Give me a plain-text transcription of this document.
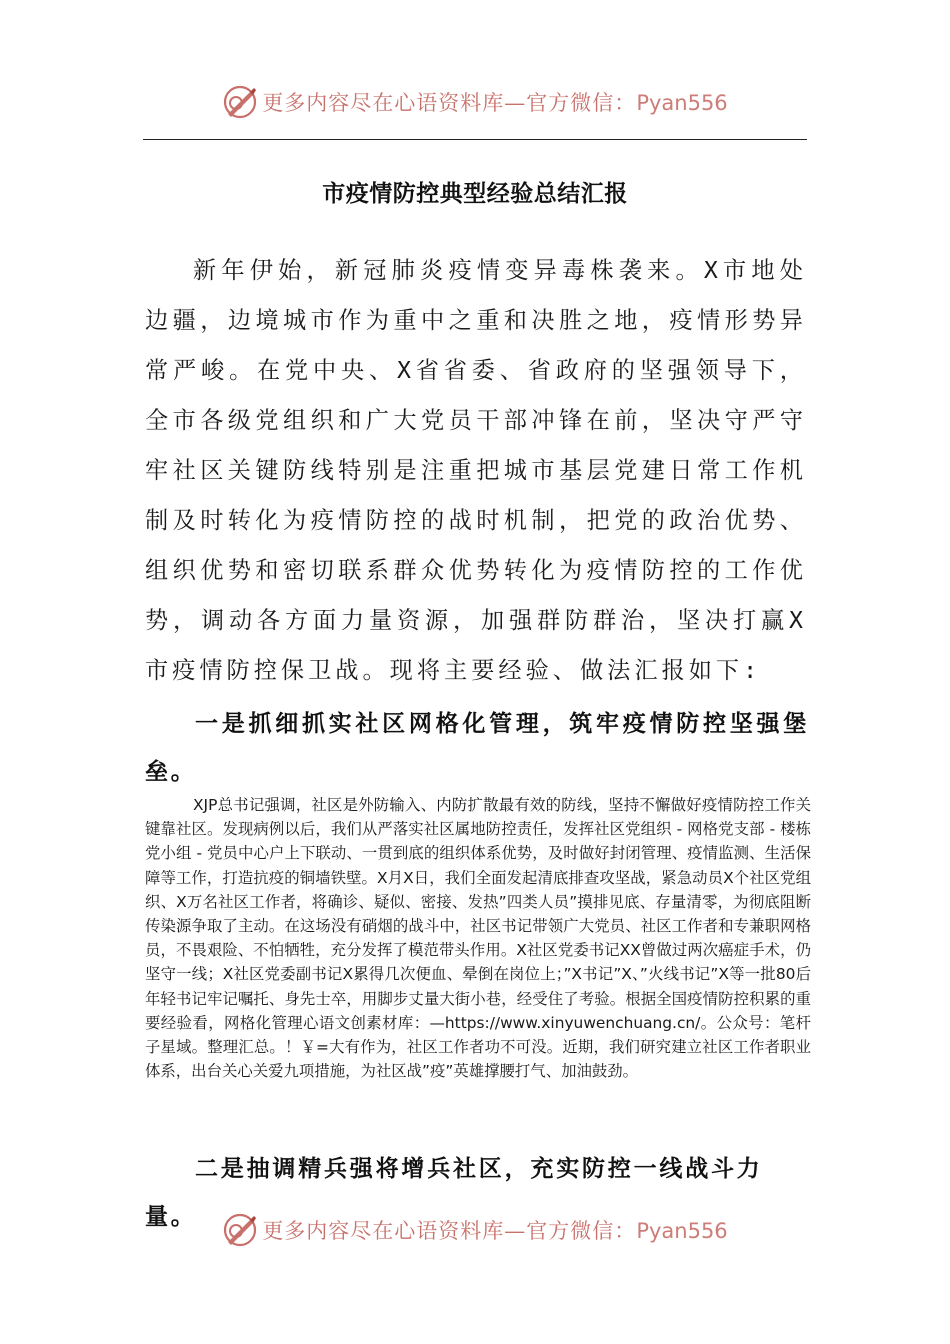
更多内容尽在心语资料库—官方微信：Pyan556
市疫情防控典型经验总结汇报

新年伊始，新冠肺炎疫情变异毒株袭来。X市地处边疆，边境城市作为重中之重和决胜之地，疫情形势异常严峻。在党中央、X省省委、省政府的坚强领导下，全市各级党组织和广大党员干部冲锋在前，坚决守严守牢社区关键防线特别是注重把城市基层党建日常工作机制及时转化为疫情防控的战时机制，把党的政治优势、组织优势和密切联系群众优势转化为疫情防控的工作优势，调动各方面力量资源，加强群防群治，坚决打赢X市疫情防控保卫战。现将主要经验、做法汇报如下:

一是抓细抓实社区网格化管理，筑牢疫情防控坚强堡垒。

XJP总书记强调，社区是外防输入、内防扩散最有效的防线，坚持不懈做好疫情防控工作关键靠社区。发现病例以后，我们从严落实社区属地防控责任，发挥社区党组织 - 网格党支部 - 楼栋党小组 - 党员中心户上下联动、一贯到底的组织体系优势，及时做好封闭管理、疫情监测、生活保障等工作，打造抗疫的铜墙铁壁。X月X日，我们全面发起清底排查攻坚战，紧急动员X个社区党组织、X万名社区工作者，将确诊、疑似、密接、发热”四类人员”摸排见底、存量清零，为彻底阻断传染源争取了主动。在这场没有硝烟的战斗中，社区书记带领广大党员、社区工作者和专兼职网格员，不畏艰险、不怕牺牲，充分发挥了模范带头作用。X社区党委书记XX曾做过两次癌症手术，仍坚守一线；X社区党委副书记X累得几次便血、晕倒在岗位上；”X书记”X、”火线书记”X等一批80后年轻书记牢记嘱托、身先士卒，用脚步丈量大街小巷，经受住了考验。根据全国疫情防控积累的重要经验看，网格化管理心语文创素材库：—https://www.xinyuwenchuang.cn/。公众号：笔杆子星域。整理汇总。！￥=大有作为，社区工作者功不可没。近期，我们研究建立社区工作者职业体系，出台关心关爱九项措施，为社区战”疫”英雄撑腰打气、加油鼓劲。

二是抽调精兵强将增兵社区，充实防控一线战斗力量。

更多内容尽在心语资料库—官方微信：Pyan556
